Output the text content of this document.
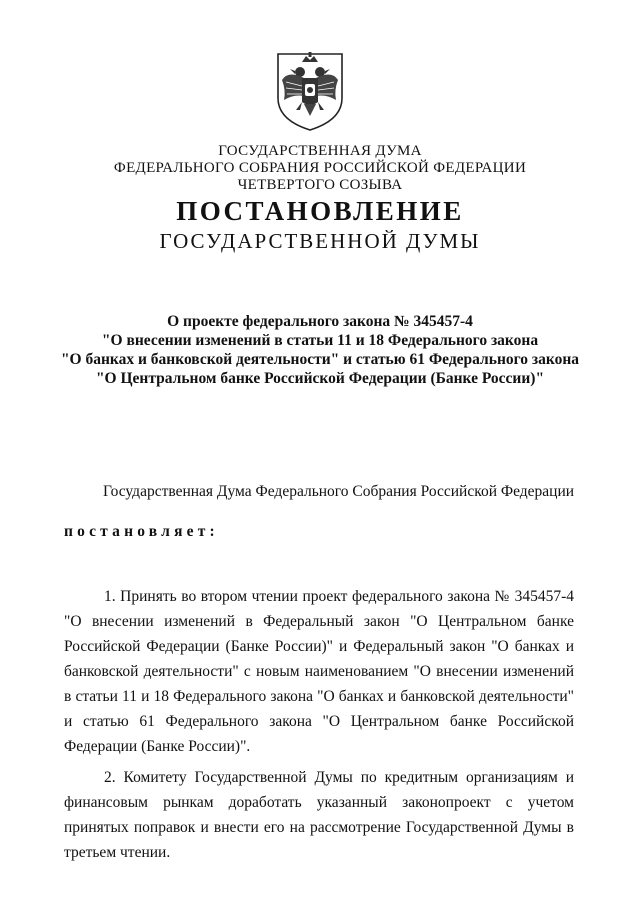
ГОСУДАРСТВЕННАЯ ДУМА
ФЕДЕРАЛЬНОГО СОБРАНИЯ РОССИЙСКОЙ ФЕДЕРАЦИИ
ЧЕТВЕРТОГО СОЗЫВА
ПОСТАНОВЛЕНИЕ
ГОСУДАРСТВЕННОЙ ДУМЫ
О проекте федерального закона № 345457-4
"О внесении изменений в статьи 11 и 18 Федерального закона
"О банках и банковской деятельности" и статью 61 Федерального закона
"О Центральном банке Российской Федерации (Банке России)"
Государственная Дума Федерального Собрания Российской Федерации
постановляет:
1. Принять во втором чтении проект федерального закона № 345457-4 "О внесении изменений в Федеральный закон "О Центральном банке Российской Федерации (Банке России)" и Федеральный закон "О банках и банковской деятельности" с новым наименованием "О внесении изменений в статьи 11 и 18 Федерального закона "О банках и банковской деятельности" и статью 61 Федерального закона "О Центральном банке Российской Федерации (Банке России)".
2. Комитету Государственной Думы по кредитным организациям и финансовым рынкам доработать указанный законопроект с учетом принятых поправок и внести его на рассмотрение Государственной Думы в третьем чтении.
